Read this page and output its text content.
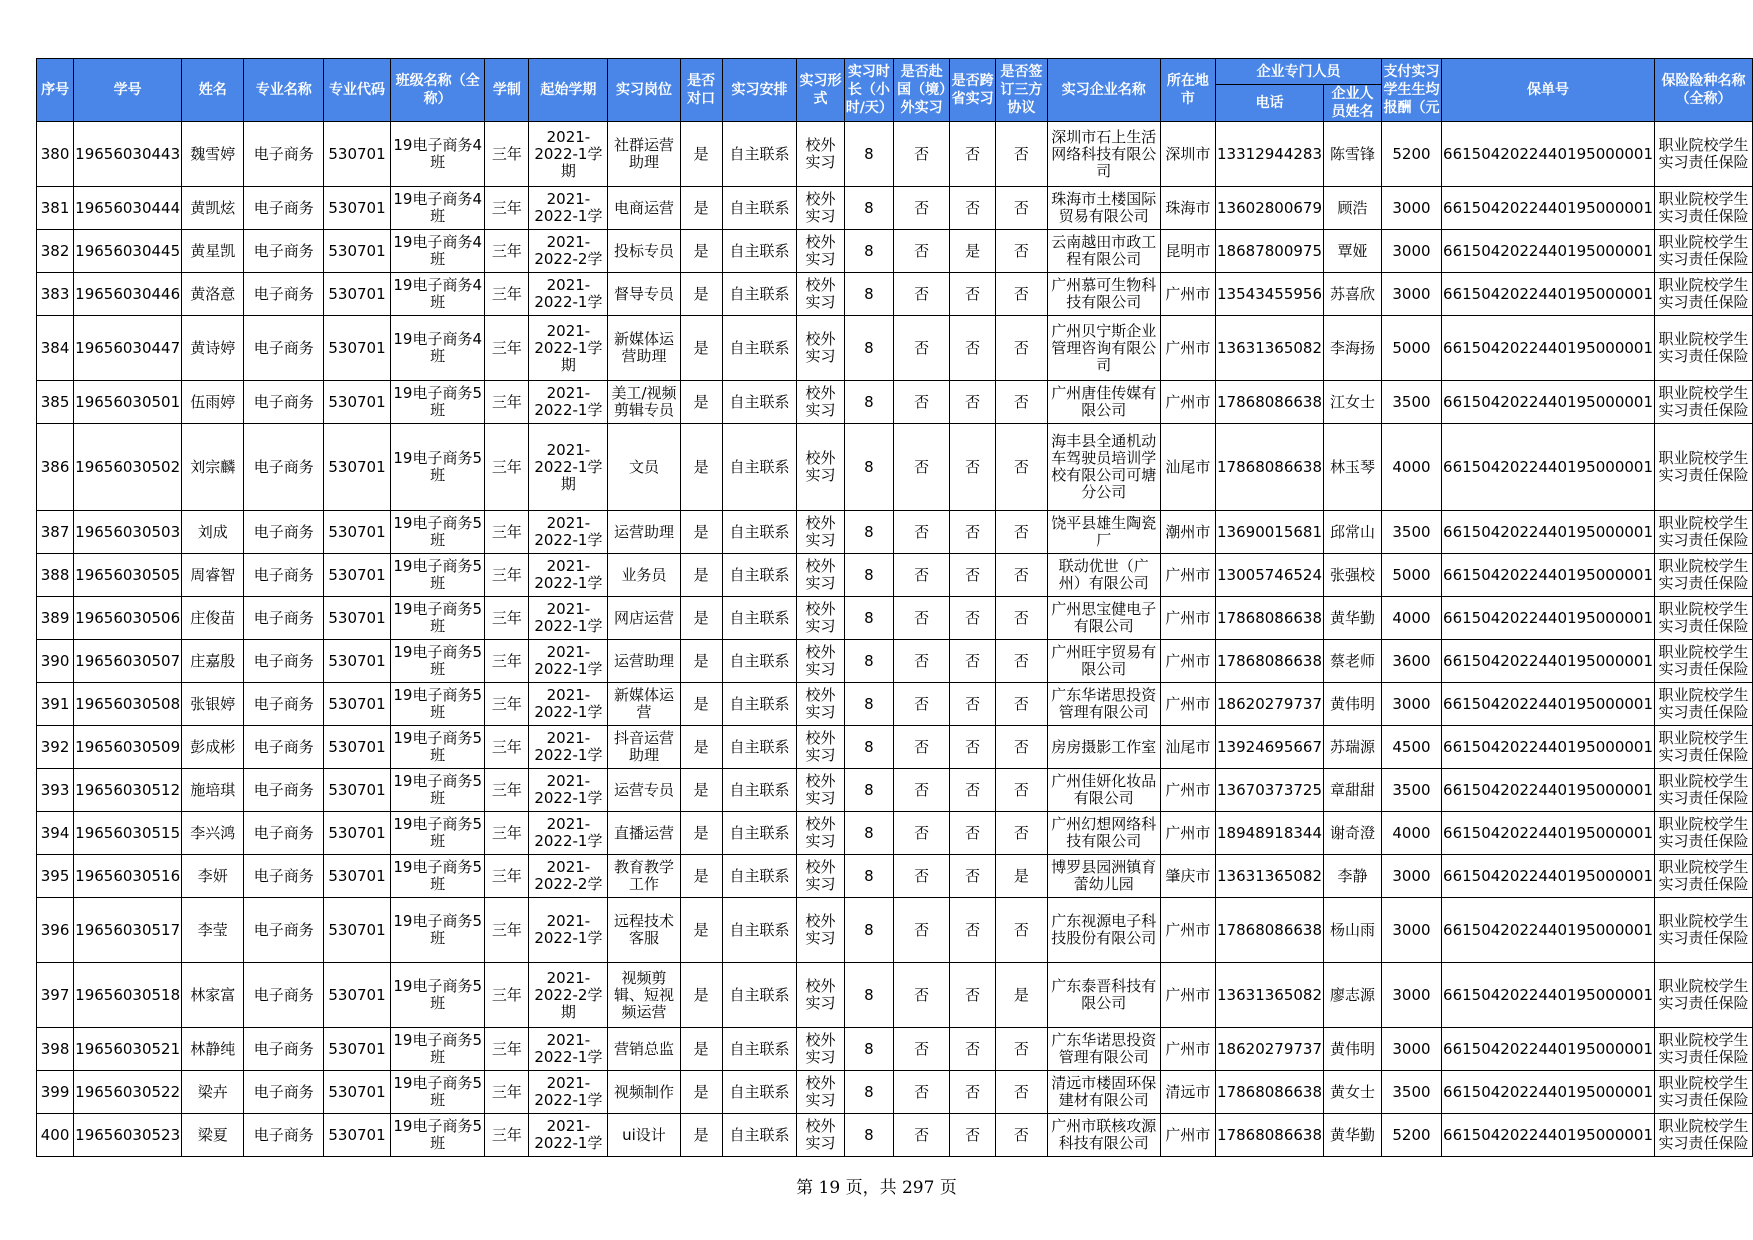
序号	学号	姓名	专业名称	专业代码	班级名称（全称）	学制	起始学期	实习岗位	是否对口	实习安排	实习形式	实习时长（小时/天）	是否赴国（境）外实习	是否跨省实习	是否签订三方协议	实习企业名称	所在地市	企业专门人员		支付实习学生生均报酬（元	保单号	保险险种名称（全称）
																		电话	企业人员姓名			

380	19656030443	魏雪婷	电子商务	530701	19电子商务4班	三年	2021-2022-1学期	社群运营助理	是	自主联系	校外实习	8	否	否	否	深圳市石上生活网络科技有限公司	深圳市	13312944283	陈雪锋	5200	6615042022440195000001	职业院校学生实习责任保险

381	19656030444	黄凯炫	电子商务	530701	19电子商务4班	三年	2021-2022-1学	电商运营	是	自主联系	校外实习	8	否	否	否	珠海市土楼国际贸易有限公司	珠海市	13602800679	顾浩	3000	6615042022440195000001	职业院校学生实习责任保险

382	19656030445	黄星凯	电子商务	530701	19电子商务4班	三年	2021-2022-2学	投标专员	是	自主联系	校外实习	8	否	是	否	云南越田市政工程有限公司	昆明市	18687800975	覃娅	3000	6615042022440195000001	职业院校学生实习责任保险

383	19656030446	黄洛意	电子商务	530701	19电子商务4班	三年	2021-2022-1学	督导专员	是	自主联系	校外实习	8	否	否	否	广州慕可生物科技有限公司	广州市	13543455956	苏喜欣	3000	6615042022440195000001	职业院校学生实习责任保险

384	19656030447	黄诗婷	电子商务	530701	19电子商务4班	三年	2021-2022-1学期	新媒体运营助理	是	自主联系	校外实习	8	否	否	否	广州贝宁斯企业管理咨询有限公司	广州市	13631365082	李海扬	5000	6615042022440195000001	职业院校学生实习责任保险

385	19656030501	伍雨婷	电子商务	530701	19电子商务5班	三年	2021-2022-1学	美工/视频剪辑专员	是	自主联系	校外实习	8	否	否	否	广州唐佳传媒有限公司	广州市	17868086638	江女士	3500	6615042022440195000001	职业院校学生实习责任保险

386	19656030502	刘宗麟	电子商务	530701	19电子商务5班	三年	2021-2022-1学期	文员	是	自主联系	校外实习	8	否	否	否	海丰县全通机动车驾驶员培训学校有限公司可塘分公司	汕尾市	17868086638	林玉琴	4000	6615042022440195000001	职业院校学生实习责任保险

387	19656030503	刘成	电子商务	530701	19电子商务5班	三年	2021-2022-1学	运营助理	是	自主联系	校外实习	8	否	否	否	饶平县雄生陶瓷厂	潮州市	13690015681	邱常山	3500	6615042022440195000001	职业院校学生实习责任保险

388	19656030505	周睿智	电子商务	530701	19电子商务5班	三年	2021-2022-1学	业务员	是	自主联系	校外实习	8	否	否	否	联动优世（广州）有限公司	广州市	13005746524	张强校	5000	6615042022440195000001	职业院校学生实习责任保险

389	19656030506	庄俊苗	电子商务	530701	19电子商务5班	三年	2021-2022-1学	网店运营	是	自主联系	校外实习	8	否	否	否	广州思宝健电子有限公司	广州市	17868086638	黄华勤	4000	6615042022440195000001	职业院校学生实习责任保险

390	19656030507	庄嘉殷	电子商务	530701	19电子商务5班	三年	2021-2022-1学	运营助理	是	自主联系	校外实习	8	否	否	否	广州旺宇贸易有限公司	广州市	17868086638	蔡老师	3600	6615042022440195000001	职业院校学生实习责任保险

391	19656030508	张银婷	电子商务	530701	19电子商务5班	三年	2021-2022-1学	新媒体运营	是	自主联系	校外实习	8	否	否	否	广东华诺思投资管理有限公司	广州市	18620279737	黄伟明	3000	6615042022440195000001	职业院校学生实习责任保险

392	19656030509	彭成彬	电子商务	530701	19电子商务5班	三年	2021-2022-1学	抖音运营助理	是	自主联系	校外实习	8	否	否	否	房房摄影工作室	汕尾市	13924695667	苏瑞源	4500	6615042022440195000001	职业院校学生实习责任保险

393	19656030512	施培琪	电子商务	530701	19电子商务5班	三年	2021-2022-1学	运营专员	是	自主联系	校外实习	8	否	否	否	广州佳妍化妆品有限公司	广州市	13670373725	章甜甜	3500	6615042022440195000001	职业院校学生实习责任保险

394	19656030515	李兴鸿	电子商务	530701	19电子商务5班	三年	2021-2022-1学	直播运营	是	自主联系	校外实习	8	否	否	否	广州幻想网络科技有限公司	广州市	18948918344	谢奇澄	4000	6615042022440195000001	职业院校学生实习责任保险

395	19656030516	李妍	电子商务	530701	19电子商务5班	三年	2021-2022-2学	教育教学工作	是	自主联系	校外实习	8	否	否	是	博罗县园洲镇育蕾幼儿园	肇庆市	13631365082	李静	3000	6615042022440195000001	职业院校学生实习责任保险

396	19656030517	李莹	电子商务	530701	19电子商务5班	三年	2021-2022-1学	远程技术客服	是	自主联系	校外实习	8	否	否	否	广东视源电子科技股份有限公司	广州市	17868086638	杨山雨	3000	6615042022440195000001	职业院校学生实习责任保险

397	19656030518	林家富	电子商务	530701	19电子商务5班	三年	2021-2022-2学期	视频剪辑、短视频运营	是	自主联系	校外实习	8	否	否	是	广东泰晋科技有限公司	广州市	13631365082	廖志源	3000	6615042022440195000001	职业院校学生实习责任保险

398	19656030521	林静纯	电子商务	530701	19电子商务5班	三年	2021-2022-1学	营销总监	是	自主联系	校外实习	8	否	否	否	广东华诺思投资管理有限公司	广州市	18620279737	黄伟明	3000	6615042022440195000001	职业院校学生实习责任保险

399	19656030522	梁卉	电子商务	530701	19电子商务5班	三年	2021-2022-1学	视频制作	是	自主联系	校外实习	8	否	否	否	清远市楼固环保建材有限公司	清远市	17868086638	黄女士	3500	6615042022440195000001	职业院校学生实习责任保险

400	19656030523	梁夏	电子商务	530701	19电子商务5班	三年	2021-2022-1学	ui设计	是	自主联系	校外实习	8	否	否	否	广州市联核攻源科技有限公司	广州市	17868086638	黄华勤	5200	6615042022440195000001	职业院校学生实习责任保险
第 19 页，共 297 页
